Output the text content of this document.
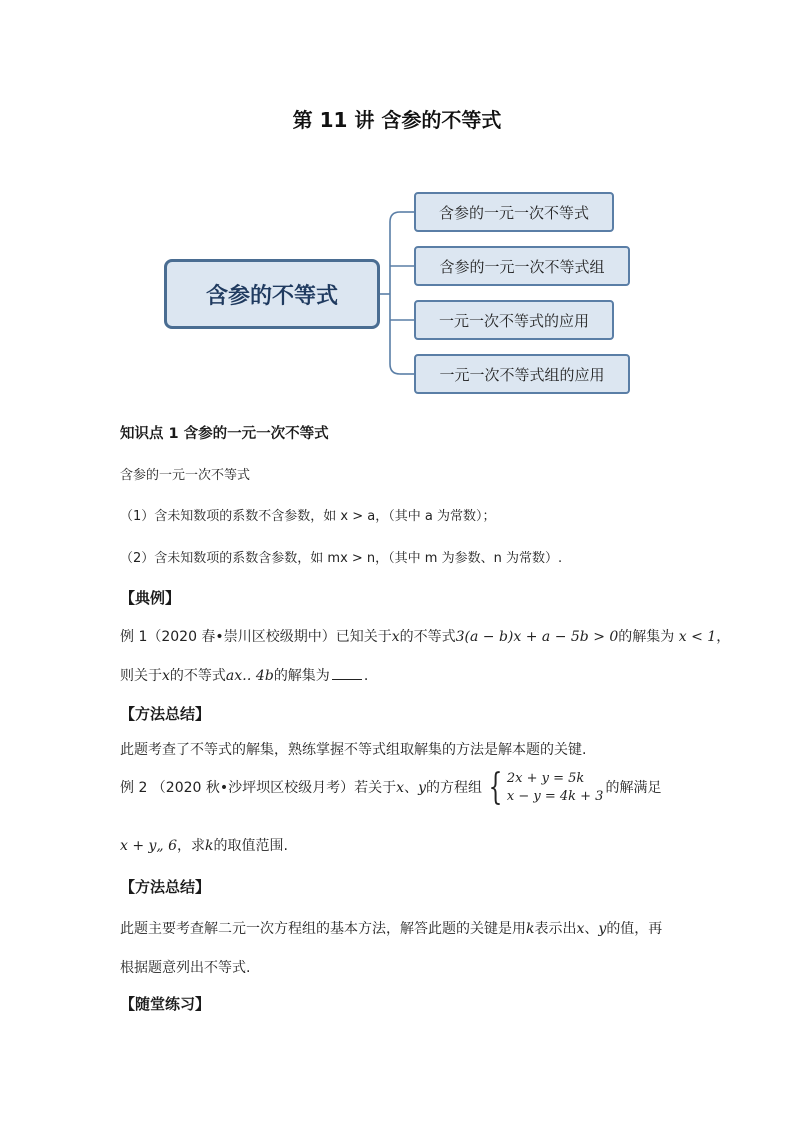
第 11 讲 含参的不等式
含参的不等式
含参的一元一次不等式
含参的一元一次不等式组
一元一次不等式的应用
一元一次不等式组的应用
知识点 1 含参的一元一次不等式
含参的一元一次不等式
（1）含未知数项的系数不含参数，如 x > a，（其中 a 为常数）；
（2）含未知数项的系数含参数，如 mx > n，（其中 m 为参数、n 为常数）.
【典例】
例 1（2020 春•崇川区校级期中）已知关于x的不等式3(a − b)x + a − 5b > 0的解集为 x < 1，
则关于x的不等式ax‥ 4b的解集为 .
【方法总结】
此题考查了不等式的解集，熟练掌握不等式组取解集的方法是解本题的关键.
例 2 （2020 秋•沙坪坝区校级月考）若关于x、y的方程组 { 2x + y = 5k
x − y = 4k + 3
的解满足
x + y„ 6，求k的取值范围.
【方法总结】
此题主要考查解二元一次方程组的基本方法，解答此题的关键是用k表示出x、y的值，再
根据题意列出不等式.
【随堂练习】
